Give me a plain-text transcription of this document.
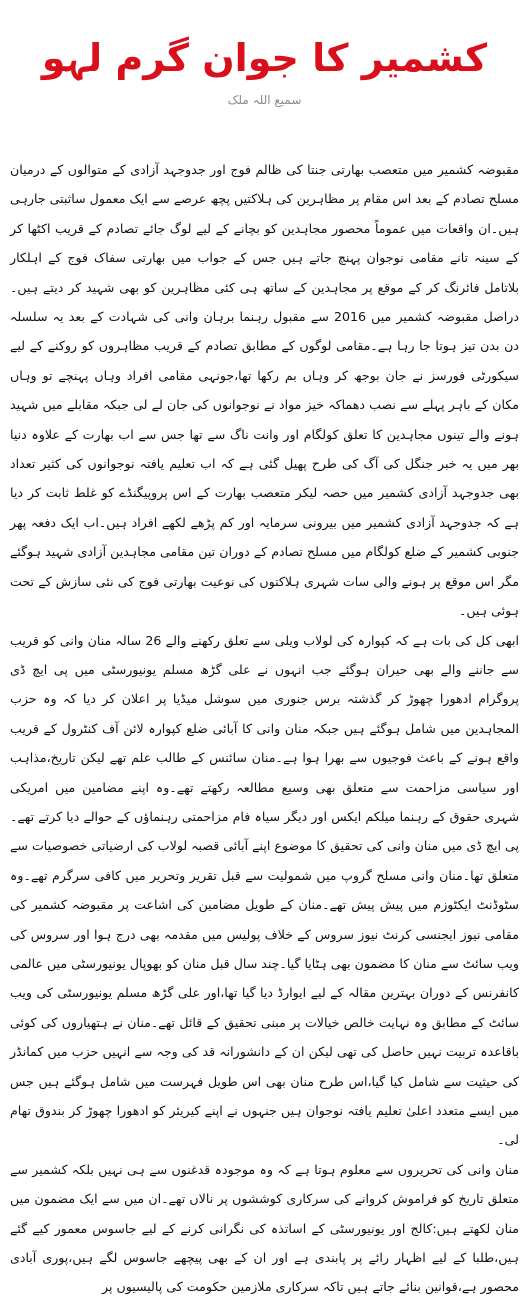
کشمیر کا جوان گرم لہو
سمیع اللہ ملک

مقبوضہ کشمیر میں متعصب بھارتی جنتا کی ظالم فوج اور جدوجہد آزادی کے متوالوں کے درمیان مسلح تصادم کے بعد اس مقام پر مظاہرین کی ہلاکتیں پچھ عرصے سے ایک معمول ساثبتی جارہی ہیں۔ان واقعات میں عموماً محصور مجاہدین کو بچانے کے لیے لوگ جائے تصادم کے قریب اکٹھا کر کے سینہ تانے مقامی نوجوان پہنچ جاتے ہیں جس کے جواب میں بھارتی سفاک فوج کے اہلکار بلاتامل فائرنگ کر کے موقع پر مجاہدین کے ساتھ ہی کئی مظاہرین کو بھی شہید کر دیتے ہیں۔دراصل مقبوضہ کشمیر میں 2016 سے مقبول رہنما برہان وانی کی شہادت کے بعد یہ سلسلہ دن بدن تیز ہوتا جا رہا ہے۔مقامی لوگوں کے مطابق تصادم کے قریب مظاہروں کو روکنے کے لیے سیکورٹی فورسز نے جان بوجھ کر وہاں بم رکھا تھا،جونہی مقامی افراد وہاں پہنچے تو وہاں مکان کے باہر پہلے سے نصب دھماکہ خیز مواد نے نوجوانوں کی جان لے لی جبکہ مقابلے میں شہید ہونے والے تینوں مجاہدین کا تعلق کولگام اور وانت ناگ سے تھا جس سے اب بھارت کے علاوہ دنیا بھر میں یہ خبر جنگل کی آگ کی طرح پھیل گئی ہے کہ اب تعلیم یافتہ نوجوانوں کی کثیر تعداد بھی جدوجہد آزادی کشمیر میں حصہ لیکر متعصب بھارت کے اس پروپیگنڈے کو غلط ثابت کر دیا ہے کہ جدوجہد آزادی کشمیر میں بیرونی سرمایہ اور کم پڑھے لکھے افراد ہیں۔اب ایک دفعہ پھر جنوبی کشمیر کے ضلع کولگام میں مسلح تصادم کے دوران تین مقامی مجاہدین آزادی شہید ہوگئے مگر اس موقع پر ہونے والی سات شہری ہلاکتوں کی نوعیت بھارتی فوج کی نئی سازش کے تحت ہوئی ہیں۔

ابھی کل کی بات ہے کہ کپوارہ کی لولاب ویلی سے تعلق رکھنے والے 26 سالہ منان وانی کو قریب سے جاننے والے بھی حیران ہوگئے جب انہوں نے علی گڑھ مسلم یونیورسٹی میں پی ایچ ڈی پروگرام ادھورا چھوڑ کر گذشتہ برس جنوری میں سوشل میڈیا پر اعلان کر دیا کہ وہ حزب المجاہدین میں شامل ہوگئے ہیں جبکہ منان وانی کا آبائی ضلع کپوارہ لائن آف کنٹرول کے قریب واقع ہونے کے باعث فوجیوں سے بھرا ہوا ہے۔منان سائنس کے طالب علم تھے لیکن تاریخ،مذاہب اور سیاسی مزاحمت سے متعلق بھی وسیع مطالعہ رکھتے تھے۔وہ اپنے مضامین میں امریکی شہری حقوق کے رہنما میلکم ایکس اور دیگر سیاہ فام مزاحمتی رہنماؤں کے حوالے دیا کرتے تھے۔پی ایچ ڈی میں منان وانی کی تحقیق کا موضوع اپنے آبائی قصبہ لولاب کی ارضیاتی خصوصیات سے متعلق تھا۔منان وانی مسلح گروپ میں شمولیت سے قبل تقریر وتحریر میں کافی سرگرم تھے۔وہ سٹوڈنٹ ایکٹوزم میں پیش پیش تھے۔منان کے طویل مضامین کی اشاعت پر مقبوضہ کشمیر کی مقامی نیوز ایجنسی کرنٹ نیوز سروس کے خلاف پولیس میں مقدمہ بھی درج ہوا اور سروس کی ویب سائٹ سے منان کا مضمون بھی ہٹایا گیا۔چند سال قبل منان کو بھوپال یونیورسٹی میں عالمی کانفرنس کے دوران بہترین مقالہ کے لیے ایوارڈ دیا گیا تھا،اور علی گڑھ مسلم یونیورسٹی کی ویب سائٹ کے مطابق وہ نہایت خالص خیالات پر مبنی تحقیق کے قائل تھے۔منان نے ہتھیاروں کی کوئی باقاعدہ تربیت نہیں حاصل کی تھی لیکن ان کے دانشورانہ قد کی وجہ سے انہیں حزب میں کمانڈر کی حیثیت سے شامل کیا گیا،اس طرح منان بھی اس طویل فہرست میں شامل ہوگئے ہیں جس میں ایسے متعدد اعلیٰ تعلیم یافتہ نوجوان ہیں جنہوں نے اپنے کیریئر کو ادھورا چھوڑ کر بندوق تھام لی۔

منان وانی کی تحریروں سے معلوم ہوتا ہے کہ وہ موجودہ قدغنوں سے ہی نہیں بلکہ کشمیر سے متعلق تاریخ کو فراموش کروانے کی سرکاری کوششوں پر نالاں تھے۔ان میں سے ایک مضمون میں منان لکھتے ہیں:کالج اور یونیورسٹی کے اساتذہ کی نگرانی کرنے کے لیے جاسوس معمور کیے گئے ہیں،طلبا کے لیے اظہار رائے پر پابندی ہے اور ان کے بھی پیچھے جاسوس لگے ہیں،پوری آبادی محصور ہے،قوانین بنائے جاتے ہیں تاکہ سرکاری ملازمین حکومت کی پالیسیوں پر
